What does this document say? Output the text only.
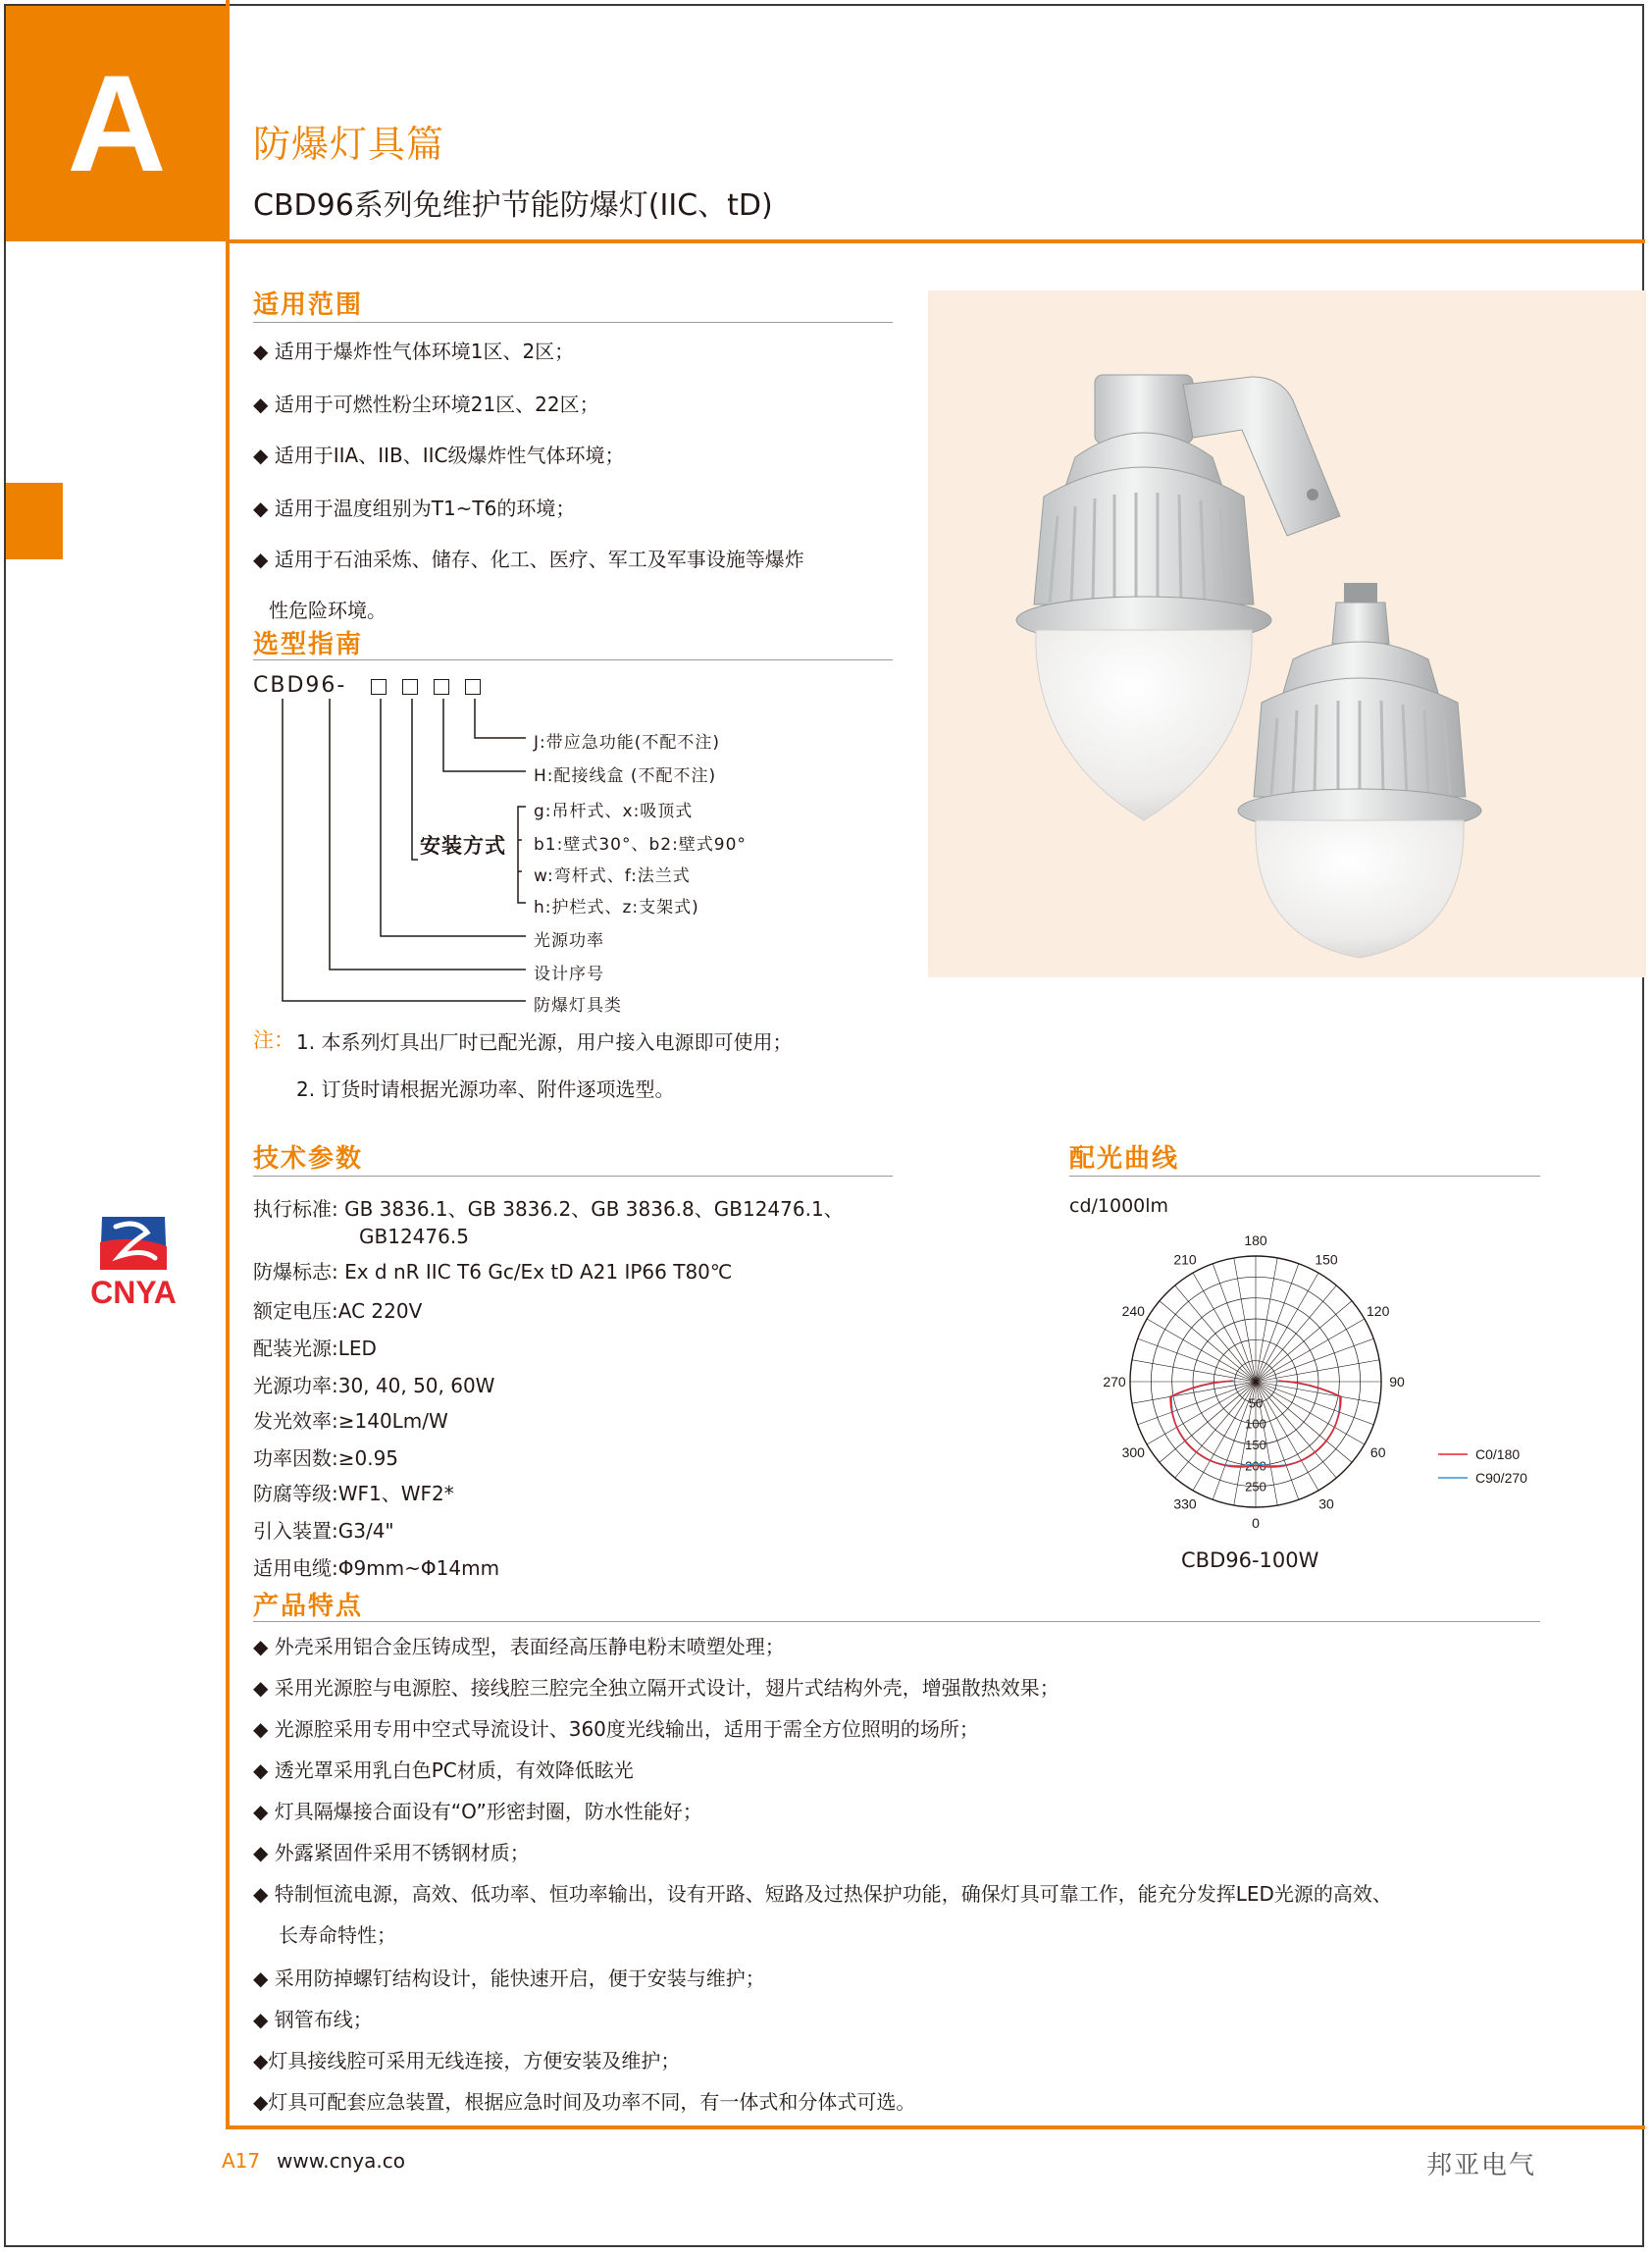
A	防爆灯具篇
CBD96系列免维护节能防爆灯(IIC、tD)
CNYA
适用范围
◆ 适用于爆炸性气体环境1区、2区；
◆ 适用于可燃性粉尘环境21区、22区；
◆ 适用于IIA、IIB、IIC级爆炸性气体环境；
◆ 适用于温度组别为T1~T6的环境；
◆ 适用于石油采炼、储存、化工、医疗、军工及军事设施等爆炸
性危险环境。
选型指南
CBD96-
J:带应急功能(不配不注)
H:配接线盒 (不配不注)
g:吊杆式、x:吸顶式
b1:壁式30°、b2:壁式90°
w:弯杆式、f:法兰式
h:护栏式、z:支架式)
安装方式
光源功率
设计序号
防爆灯具类
注： 1. 本系列灯具出厂时已配光源，用户接入电源即可使用；
2. 订货时请根据光源功率、附件逐项选型。
技术参数
执行标准: GB 3836.1、GB 3836.2、GB 3836.8、GB12476.1、
GB12476.5
防爆标志: Ex d nR IIC T6 Gc/Ex tD A21 IP66 T80℃
额定电压:AC 220V
配装光源:LED
光源功率:30, 40, 50, 60W
发光效率:≥140Lm/W
功率因数:≥0.95
防腐等级:WF1、WF2*
引入装置:G3/4"
适用电缆:Φ9mm~Φ14mm
配光曲线
cd/1000lm
0
30
60
90
120
150
180
210
240
270
300
330
50
100
150
200
250
C0/180
C90/270
CBD96-100W
产品特点
◆ 外壳采用铝合金压铸成型，表面经高压静电粉末喷塑处理；
◆ 采用光源腔与电源腔、接线腔三腔完全独立隔开式设计，翅片式结构外壳，增强散热效果；
◆ 光源腔采用专用中空式导流设计、360度光线输出，适用于需全方位照明的场所；
◆ 透光罩采用乳白色PC材质，有效降低眩光
◆ 灯具隔爆接合面设有“O”形密封圈，防水性能好；
◆ 外露紧固件采用不锈钢材质；
◆ 特制恒流电源，高效、低功率、恒功率输出，设有开路、短路及过热保护功能，确保灯具可靠工作，能充分发挥LED光源的高效、
长寿命特性；
◆ 采用防掉螺钉结构设计，能快速开启，便于安装与维护；
◆ 钢管布线；
◆灯具接线腔可采用无线连接，方便安装及维护；
◆灯具可配套应急装置，根据应急时间及功率不同，有一体式和分体式可选。
A17 www.cnya.co	邦亚电气
